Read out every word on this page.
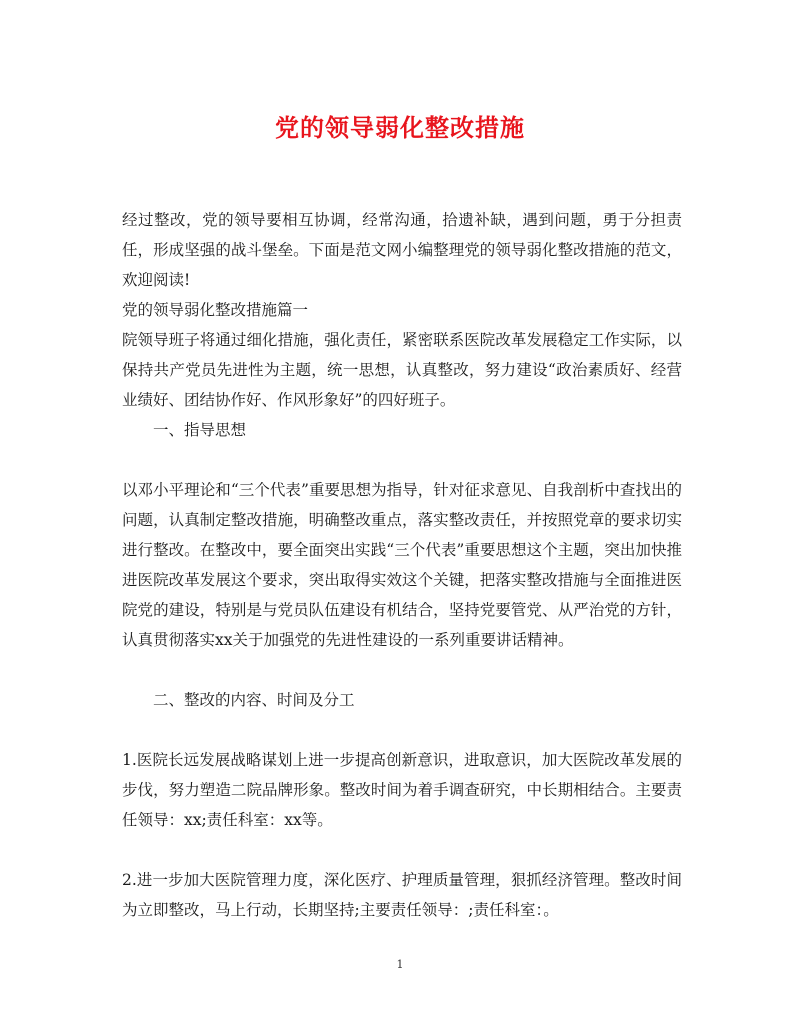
党的领导弱化整改措施

经过整改，党的领导要相互协调，经常沟通，拾遗补缺，遇到问题，勇于分担责任，形成坚强的战斗堡垒。下面是范文网小编整理党的领导弱化整改措施的范文，欢迎阅读!

党的领导弱化整改措施篇一

院领导班子将通过细化措施，强化责任，紧密联系医院改革发展稳定工作实际，以保持共产党员先进性为主题，统一思想，认真整改，努力建设“政治素质好、经营业绩好、团结协作好、作风形象好”的四好班子。

一、指导思想

以邓小平理论和“三个代表”重要思想为指导，针对征求意见、自我剖析中查找出的问题，认真制定整改措施，明确整改重点，落实整改责任，并按照党章的要求切实进行整改。在整改中，要全面突出实践“三个代表”重要思想这个主题，突出加快推进医院改革发展这个要求，突出取得实效这个关键，把落实整改措施与全面推进医院党的建设，特别是与党员队伍建设有机结合，坚持党要管党、从严治党的方针，认真贯彻落实xx关于加强党的先进性建设的一系列重要讲话精神。

二、整改的内容、时间及分工

1.医院长远发展战略谋划上进一步提高创新意识，进取意识，加大医院改革发展的步伐，努力塑造二院品牌形象。整改时间为着手调查研究，中长期相结合。主要责任领导：xx;责任科室：xx等。

2.进一步加大医院管理力度，深化医疗、护理质量管理，狠抓经济管理。整改时间为立即整改，马上行动，长期坚持;主要责任领导：;责任科室：。

1
